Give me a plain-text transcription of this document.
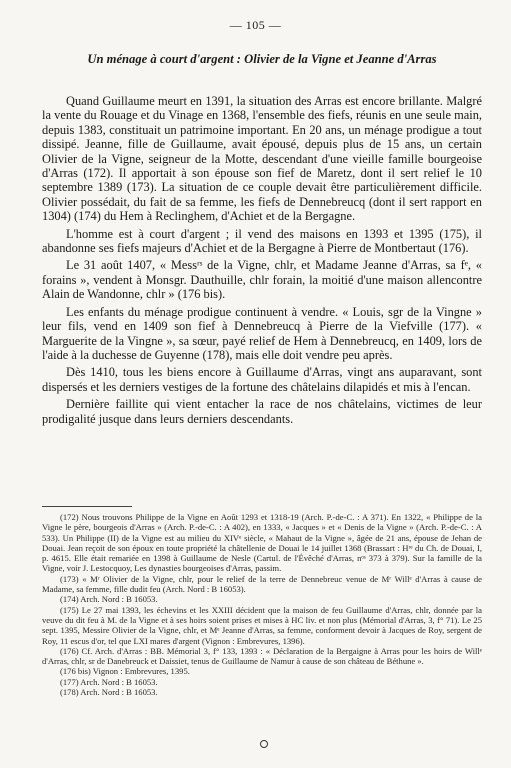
— 105 —
Un ménage à court d'argent : Olivier de la Vigne et Jeanne d'Arras

Quand Guillaume meurt en 1391, la situation des Arras est encore brillante. Malgré la vente du Rouage et du Vinage en 1368, l'ensemble des fiefs, réunis en une seule main, depuis 1383, constituait un patrimoine important. En 20 ans, un ménage prodigue a tout dissipé. Jeanne, fille de Guillaume, avait épousé, depuis plus de 15 ans, un certain Olivier de la Vigne, seigneur de la Motte, descendant d'une vieille famille bourgeoise d'Arras (172). Il apportait à son épouse son fief de Maretz, dont il sert relief le 10 septembre 1389 (173). La situation de ce couple devait être particulièrement difficile. Olivier possédait, du fait de sa femme, les fiefs de Dennebreucq (dont il sert rapport en 1304) (174) du Hem à Reclinghem, d'Achiet et de la Bergagne.

L'homme est à court d'argent ; il vend des maisons en 1393 et 1395 (175), il abandonne ses fiefs majeurs d'Achiet et de la Bergagne à Pierre de Montbertaut (176).

Le 31 août 1407, « Messʳˢ de la Vigne, chlr, et Madame Jeanne d'Arras, sa fᵉ, « forains », vendent à Monsgr. Dauthuille, chlr forain, la moitié d'une maison allencontre Alain de Wandonne, chlr » (176 bis).

Les enfants du ménage prodigue continuent à vendre. « Louis, sgr de la Vingne » leur fils, vend en 1409 son fief à Dennebreucq à Pierre de la Viefville (177). « Marguerite de la Vingne », sa sœur, payé relief de Hem à Dennebreucq, en 1409, lors de l'aide à la duchesse de Guyenne (178), mais elle doit vendre peu après.

Dès 1410, tous les biens encore à Guillaume d'Arras, vingt ans auparavant, sont dispersés et les derniers vestiges de la fortune des châtelains dilapidés et mis à l'encan.

Dernière faillite qui vient entacher la race de nos châtelains, victimes de leur prodigalité jusque dans leurs derniers descendants.

(172) Nous trouvons Philippe de la Vigne en Août 1293 et 1318-19 (Arch. P.-de-C. : A 371). En 1322, « Philippe de la Vigne le père, bourgeois d'Arras » (Arch. P.-de-C. : A 402), en 1333, « Jacques » et « Denis de la Vigne » (Arch. P.-de-C. : A 533). Un Philippe (II) de la Vigne est au milieu du XIVᵉ siècle, « Mahaut de la Vigne », âgée de 21 ans, épouse de Jehan de Douai. Jean reçoit de son époux en toute propriété la châtellenie de Douai le 14 juillet 1368 (Brassart : Hʳᵉ du Ch. de Douai, I, p. 4615. Elle était remariée en 1398 à Guillaume de Nesle (Cartul. de l'Évêché d'Arras, nᵒˢ 373 à 379). Sur la famille de la Vigne, voir J. Lestocquoy, Les dynasties bourgeoises d'Arras, passim.

(173) « Mʳ Olivier de la Vigne, chlr, pour le relief de la terre de Dennebreuc venue de Mʳ Willᵉ d'Arras à cause de Madame, sa femme, fille dudit feu (Arch. Nord : B 16053).

(174) Arch. Nord : B 16053.

(175) Le 27 mai 1393, les échevins et les XXIII décident que la maison de feu Guillaume d'Arras, chlr, donnée par la veuve du dit feu à M. de la Vigne et à ses hoirs soient prises et mises à HC liv. et non plus (Mémorial d'Arras, 3, f° 71). Le 25 sept. 1395, Messire Olivier de la Vigne, chlr, et Mᵉ Jeanne d'Arras, sa femme, conforment devoir à Jacques de Roy, sergent de Roy, 11 escus d'or, tel que LXI mares d'argent (Vignon : Embrevures, 1396).

(176) Cf. Arch. d'Arras : BB. Mémorial 3, f° 133, 1393 : « Déclaration de la Bergaigne à Arras pour les hoirs de Willᵉ d'Arras, chlr, sr de Danebreuck et Daissiet, tenus de Guillaume de Namur à cause de son château de Béthune ».

(176 bis) Vignon : Embrevures, 1395.

(177) Arch. Nord : B 16053.

(178) Arch. Nord : B 16053.
